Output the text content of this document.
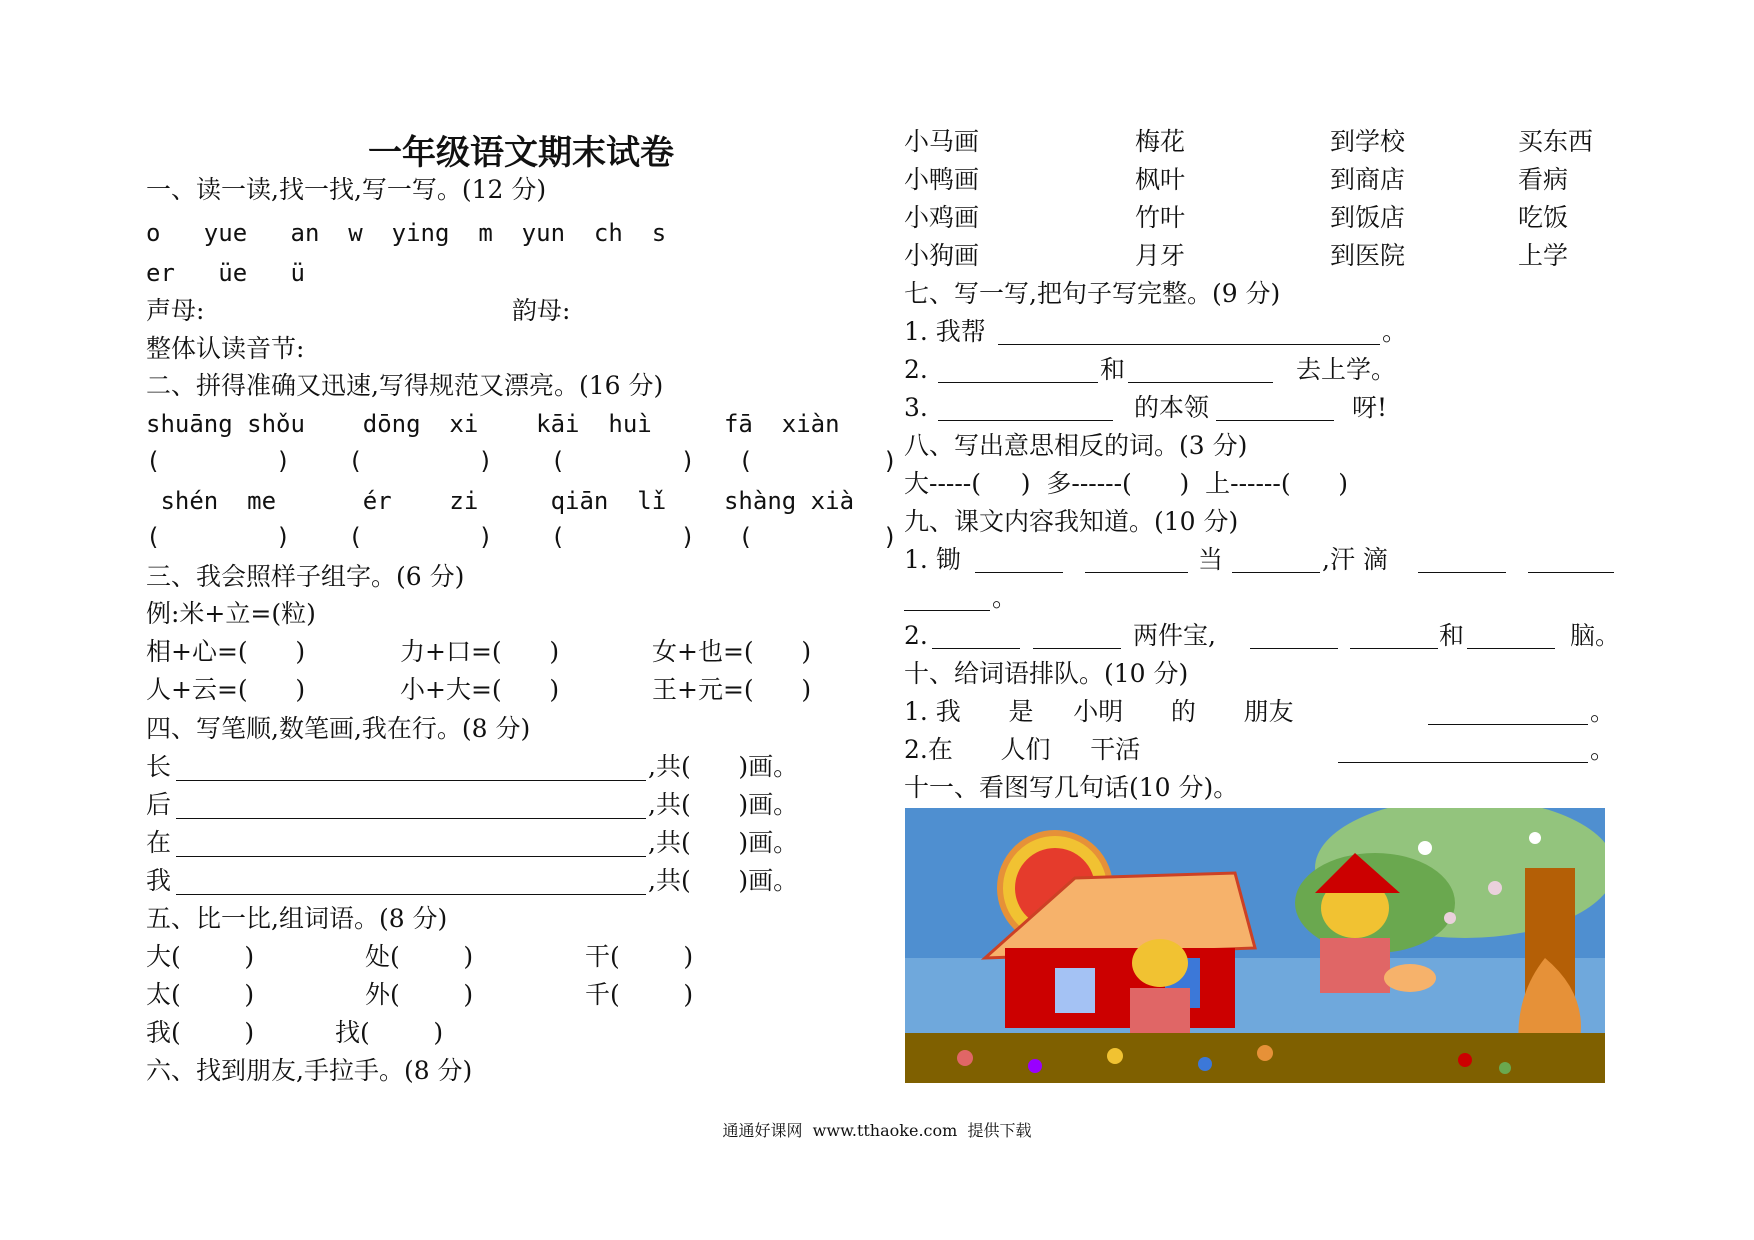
一年级语文期末试卷
一、读一读,找一找,写一写。(12 分)
o   yue   an  w  ying  m  yun  ch  s
er   üe   ü
声母:	韵母:
整体认读音节:
二、拼得准确又迅速,写得规范又漂亮。(16 分)
shuāng shǒu    dōng  xi    kāi  huì     fā  xiàn
(        )    (        )    (        )   (         )
shén  me      ér    zi     qiān  lǐ    shàng xià
(        )    (        )    (        )   (         )
三、我会照样子组字。(6 分)
例:米+立=(粒)
相+心=(      )	力+口=(      )	女+也=(      )
人+云=(      )	小+大=(      )	王+元=(      )
四、写笔顺,数笔画,我在行。(8 分)
长	,共(      )画。
后	,共(      )画。
在	,共(      )画。
我	,共(      )画。
五、比一比,组词语。(8 分)
大(        )	处(        )	干(        )
太(        )	外(        )	千(        )
我(        )	找(        )
六、找到朋友,手拉手。(8 分)
小马画	梅花	到学校	买东西
小鸭画	枫叶	到商店	看病
小鸡画	竹叶	到饭店	吃饭
小狗画	月牙	到医院	上学
七、写一写,把句子写完整。(9 分)
1. 我帮	。
2.	和	去上学。
3.	的本领	呀!
八、写出意思相反的词。(3 分)
大-----(     )  多------(      )  上------(      )
九、课文内容我知道。(10 分)
1. 锄	当	,汗 滴
。
2.	两件宝,	和	脑。
十、给词语排队。(10 分)
1. 我      是     小明      的      朋友	。
2.在      人们     干活	。
十一、看图写几句话(10 分)。
通通好课网  www.tthaoke.com  提供下载
